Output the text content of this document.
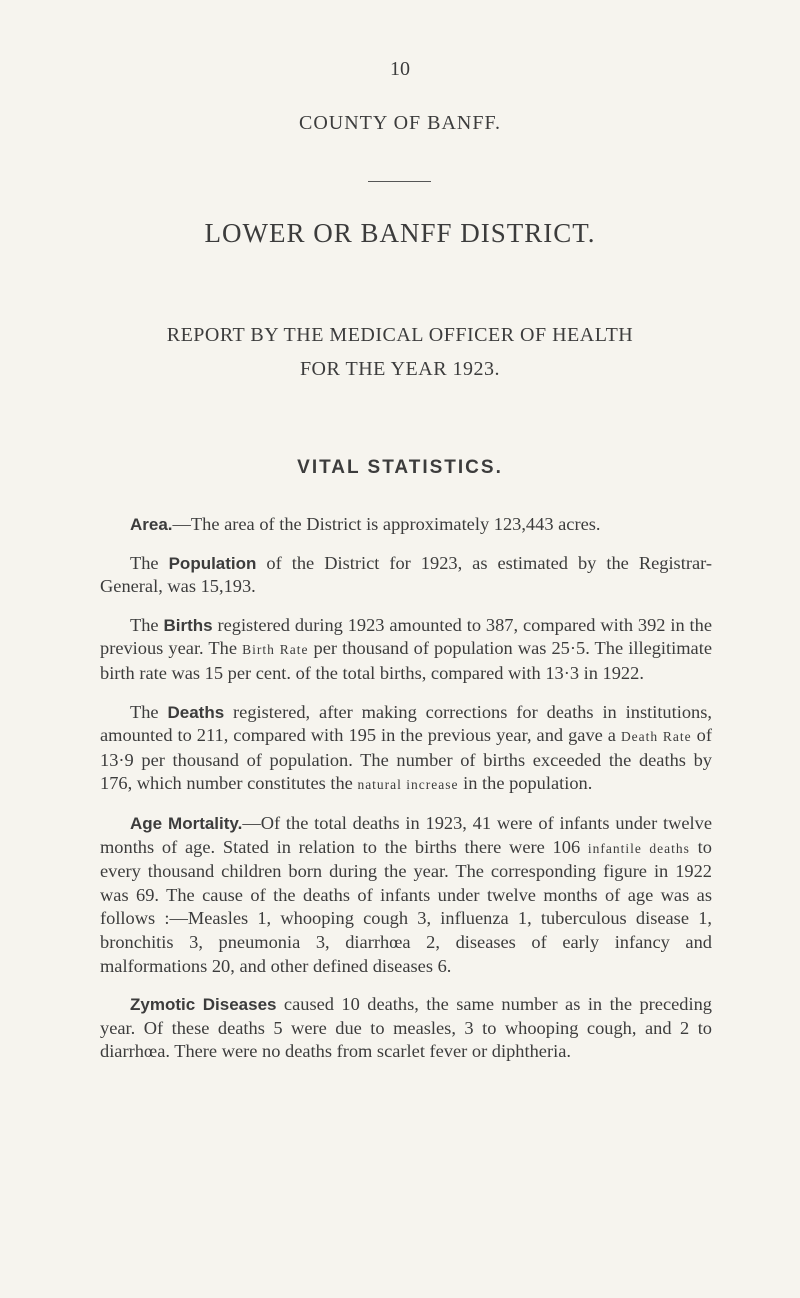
10
COUNTY OF BANFF.
LOWER OR BANFF DISTRICT.
REPORT BY THE MEDICAL OFFICER OF HEALTH
FOR THE YEAR 1923.
VITAL STATISTICS.

Area.—The area of the District is approximately 123,443 acres.

The Population of the District for 1923, as estimated by the Registrar-General, was 15,193.

The Births registered during 1923 amounted to 387, compared with 392 in the previous year. The Birth Rate per thousand of population was 25·5. The illegitimate birth rate was 15 per cent. of the total births, compared with 13·3 in 1922.

The Deaths registered, after making corrections for deaths in institutions, amounted to 211, compared with 195 in the previous year, and gave a Death Rate of 13·9 per thousand of population. The number of births exceeded the deaths by 176, which number constitutes the natural increase in the population.

Age Mortality.—Of the total deaths in 1923, 41 were of infants under twelve months of age. Stated in relation to the births there were 106 infantile deaths to every thousand children born during the year. The corresponding figure in 1922 was 69. The cause of the deaths of infants under twelve months of age was as follows :—Measles 1, whooping cough 3, influenza 1, tuberculous disease 1, bronchitis 3, pneumonia 3, diarrhœa 2, diseases of early infancy and malformations 20, and other defined diseases 6.

Zymotic Diseases caused 10 deaths, the same number as in the preceding year. Of these deaths 5 were due to measles, 3 to whooping cough, and 2 to diarrhœa. There were no deaths from scarlet fever or diphtheria.
